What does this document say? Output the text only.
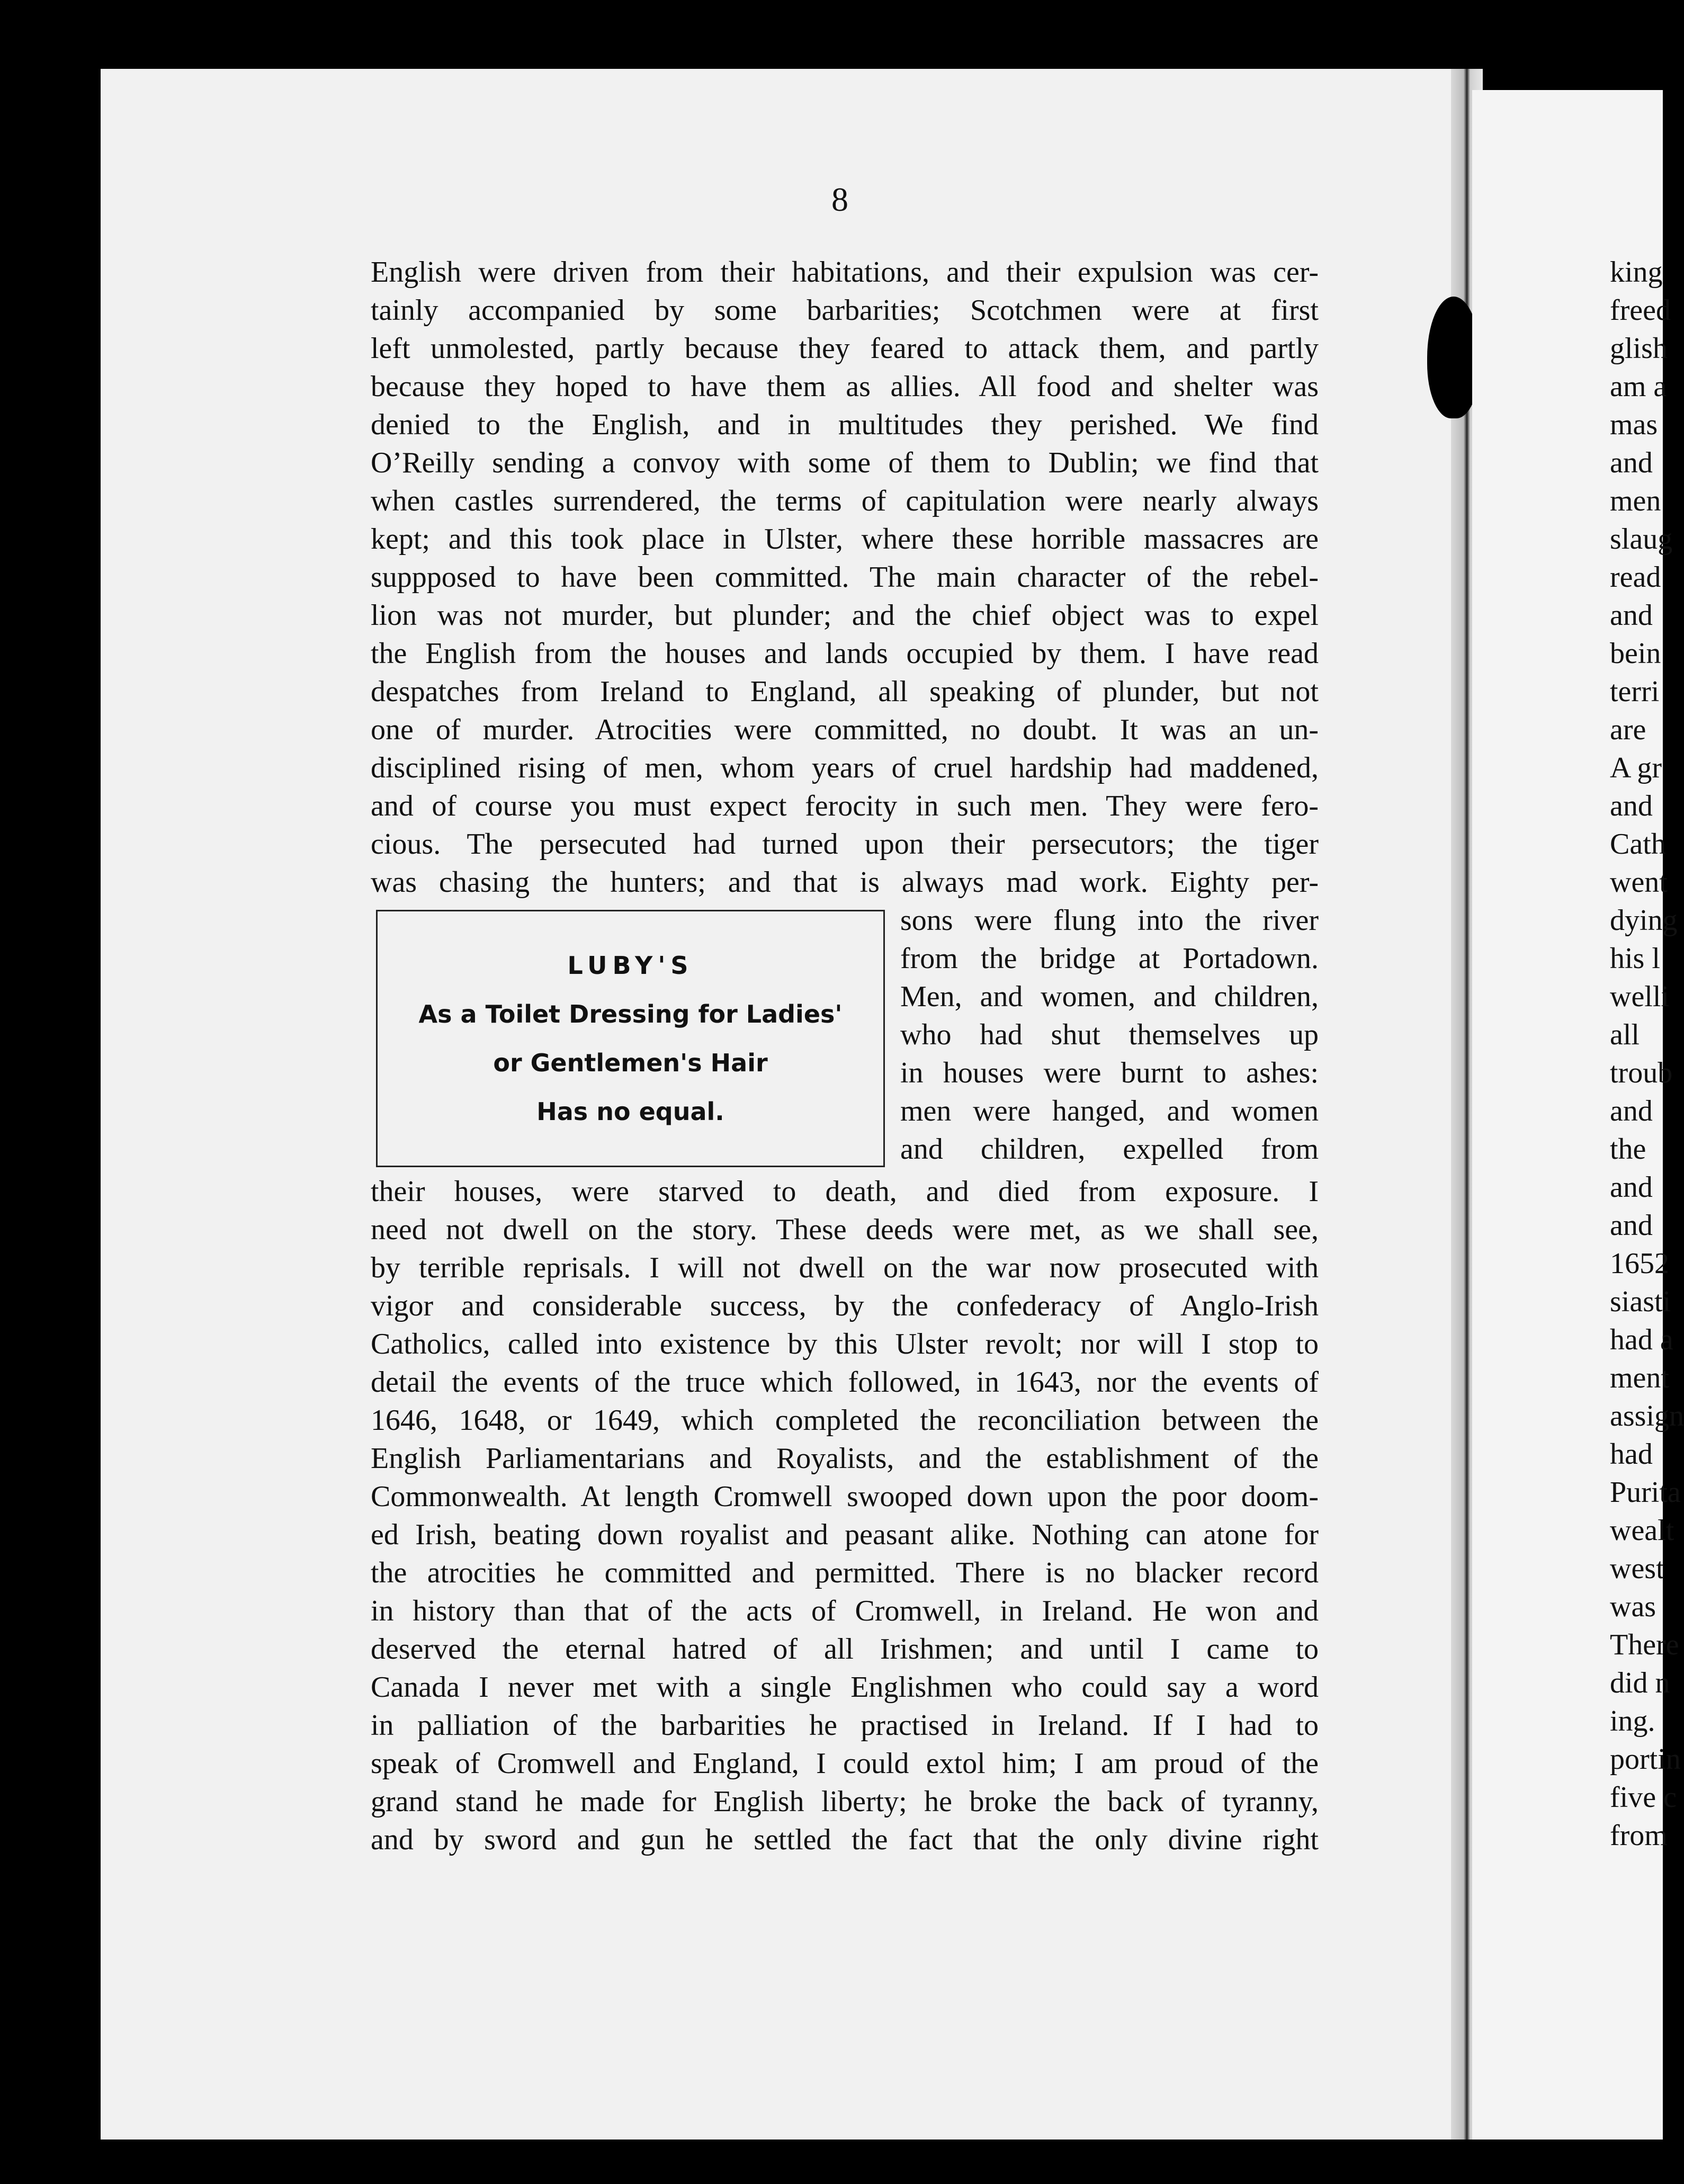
8
English were driven from their habitations, and their expulsion was cer-
tainly accompanied by some barbarities; Scotchmen were at first
left unmolested, partly because they feared to attack them, and partly
because they hoped to have them as allies. All food and shelter was
denied to the English, and in multitudes they perished. We find
O’Reilly sending a convoy with some of them to Dublin; we find that
when castles surrendered, the terms of capitulation were nearly always
kept; and this took place in Ulster, where these horrible massacres are
suppposed to have been committed. The main character of the rebel-
lion was not murder, but plunder; and the chief object was to expel
the English from the houses and lands occupied by them. I have read
despatches from Ireland to England, all speaking of plunder, but not
one of murder. Atrocities were committed, no doubt. It was an un-
disciplined rising of men, whom years of cruel hardship had maddened,
and of course you must expect ferocity in such men. They were fero-
cious. The persecuted had turned upon their persecutors; the tiger
was chasing the hunters; and that is always mad work. Eighty per-
LUBY'S
As a Toilet Dressing for Ladies'
or Gentlemen's Hair
Has no equal.
sons were flung into the river
from the bridge at Portadown.
Men, and women, and children,
who had shut themselves up
in houses were burnt to ashes:
men were hanged, and women
and children, expelled from
their houses, were starved to death, and died from exposure. I
need not dwell on the story. These deeds were met, as we shall see,
by terrible reprisals. I will not dwell on the war now prosecuted with
vigor and considerable success, by the confederacy of Anglo-Irish
Catholics, called into existence by this Ulster revolt; nor will I stop to
detail the events of the truce which followed, in 1643, nor the events of
1646, 1648, or 1649, which completed the reconciliation between the
English Parliamentarians and Royalists, and the establishment of the
Commonwealth. At length Cromwell swooped down upon the poor doom-
ed Irish, beating down royalist and peasant alike. Nothing can atone for
the atrocities he committed and permitted. There is no blacker record
in history than that of the acts of Cromwell, in Ireland. He won and
deserved the eternal hatred of all Irishmen; and until I came to
Canada I never met with a single Englishmen who could say a word
in palliation of the barbarities he practised in Ireland. If I had to
speak of Cromwell and England, I could extol him; I am proud of the
grand stand he made for English liberty; he broke the back of tyranny,
and by sword and gun he settled the fact that the only divine right
king
freed
glish
am a
mas
and
men
slaug
read
and
bein
terri
are
A gr
and
Cath
went
dying
his l
welli
all
troub
and
the
and
and
1652
siasti
had a
ment
assign
had
Purita
wealt
west
was
There
did n
ing.
portin
five c
from
